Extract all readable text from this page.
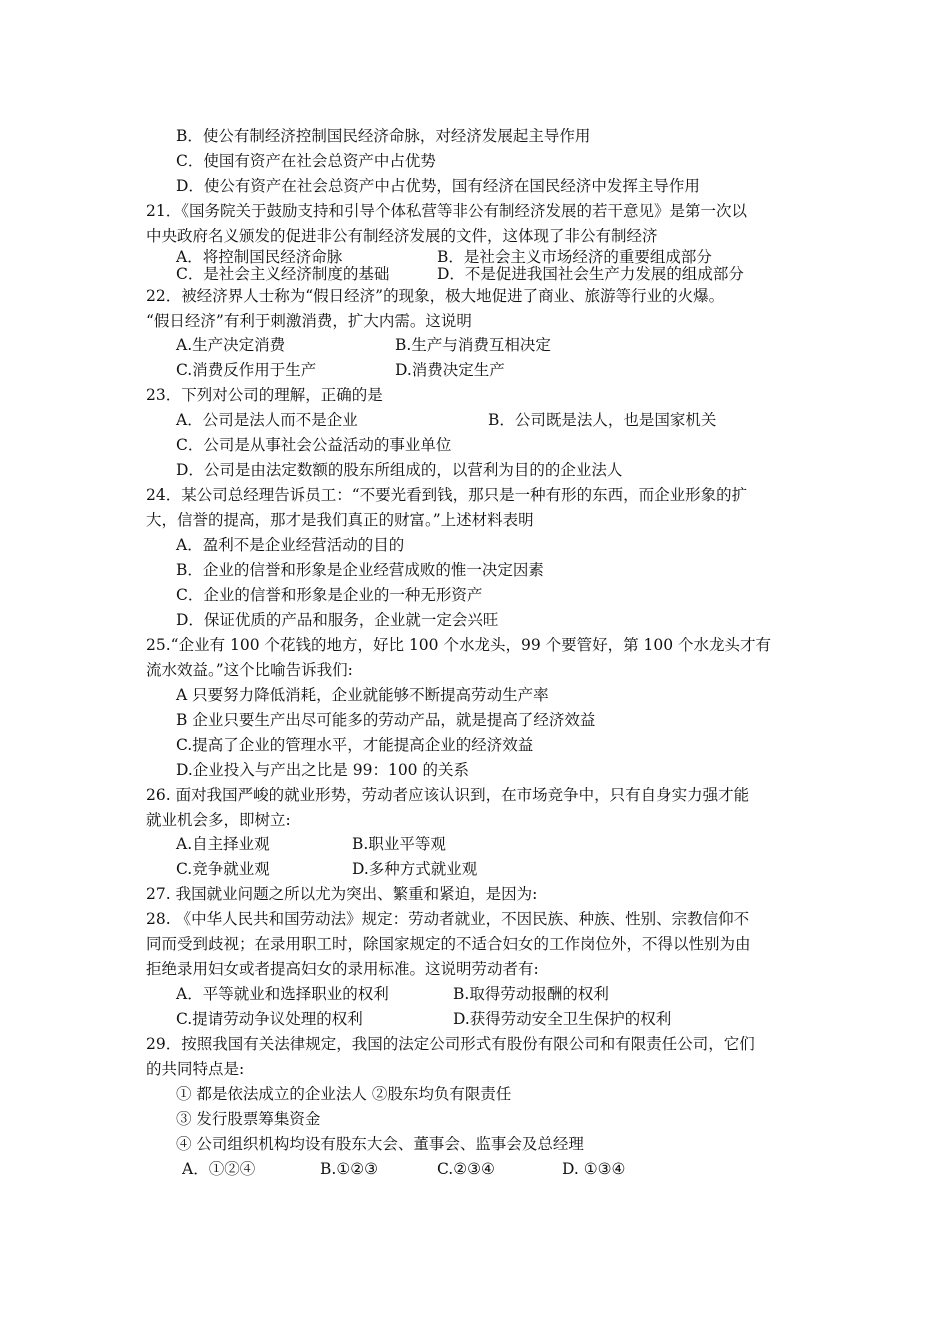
B．使公有制经济控制国民经济命脉，对经济发展起主导作用
C．使国有资产在社会总资产中占优势
D．使公有资产在社会总资产中占优势，国有经济在国民经济中发挥主导作用
21．《国务院关于鼓励支持和引导个体私营等非公有制经济发展的若干意见》是第一次以
中央政府名义颁发的促进非公有制经济发展的文件，这体现了非公有制经济
A．将控制国民经济命脉	B．是社会主义市场经济的重要组成部分
C．是社会主义经济制度的基础	D．不是促进我国社会生产力发展的组成部分
22．被经济界人士称为“假日经济”的现象，极大地促进了商业、旅游等行业的火爆。
“假日经济”有利于刺激消费，扩大内需。这说明
A.生产决定消费	B.生产与消费互相决定
C.消费反作用于生产	D.消费决定生产
23．下列对公司的理解，正确的是
A．公司是法人而不是企业	B．公司既是法人，也是国家机关
C．公司是从事社会公益活动的事业单位
D．公司是由法定数额的股东所组成的，以营利为目的的企业法人
24．某公司总经理告诉员工：“不要光看到钱，那只是一种有形的东西，而企业形象的扩
大，信誉的提高，那才是我们真正的财富。”上述材料表明
A．盈利不是企业经营活动的目的
B．企业的信誉和形象是企业经营成败的惟一决定因素
C．企业的信誉和形象是企业的一种无形资产
D．保证优质的产品和服务，企业就一定会兴旺
25.“企业有 100 个花钱的地方，好比 100 个水龙头，99 个要管好，第 100 个水龙头才有
流水效益。”这个比喻告诉我们:
A 只要努力降低消耗，企业就能够不断提高劳动生产率
B 企业只要生产出尽可能多的劳动产品，就是提高了经济效益
C.提高了企业的管理水平，才能提高企业的经济效益
D.企业投入与产出之比是 99：100 的关系
26. 面对我国严峻的就业形势，劳动者应该认识到，在市场竞争中，只有自身实力强才能
就业机会多，即树立:
A.自主择业观	B.职业平等观
C.竞争就业观	D.多种方式就业观
27. 我国就业问题之所以尤为突出、繁重和紧迫，是因为:
28. 《中华人民共和国劳动法》规定：劳动者就业，不因民族、种族、性别、宗教信仰不
同而受到歧视；在录用职工时，除国家规定的不适合妇女的工作岗位外，不得以性别为由
拒绝录用妇女或者提高妇女的录用标准。这说明劳动者有:
A．平等就业和选择职业的权利	B.取得劳动报酬的权利
C.提请劳动争议处理的权利	D.获得劳动安全卫生保护的权利
29．按照我国有关法律规定，我国的法定公司形式有股份有限公司和有限责任公司，它们
的共同特点是:
① 都是依法成立的企业法人 ②股东均负有限责任
③ 发行股票筹集资金
④ 公司组织机构均设有股东大会、董事会、监事会及总经理
A．①②④	B.①②③	C.②③④	D. ①③④
